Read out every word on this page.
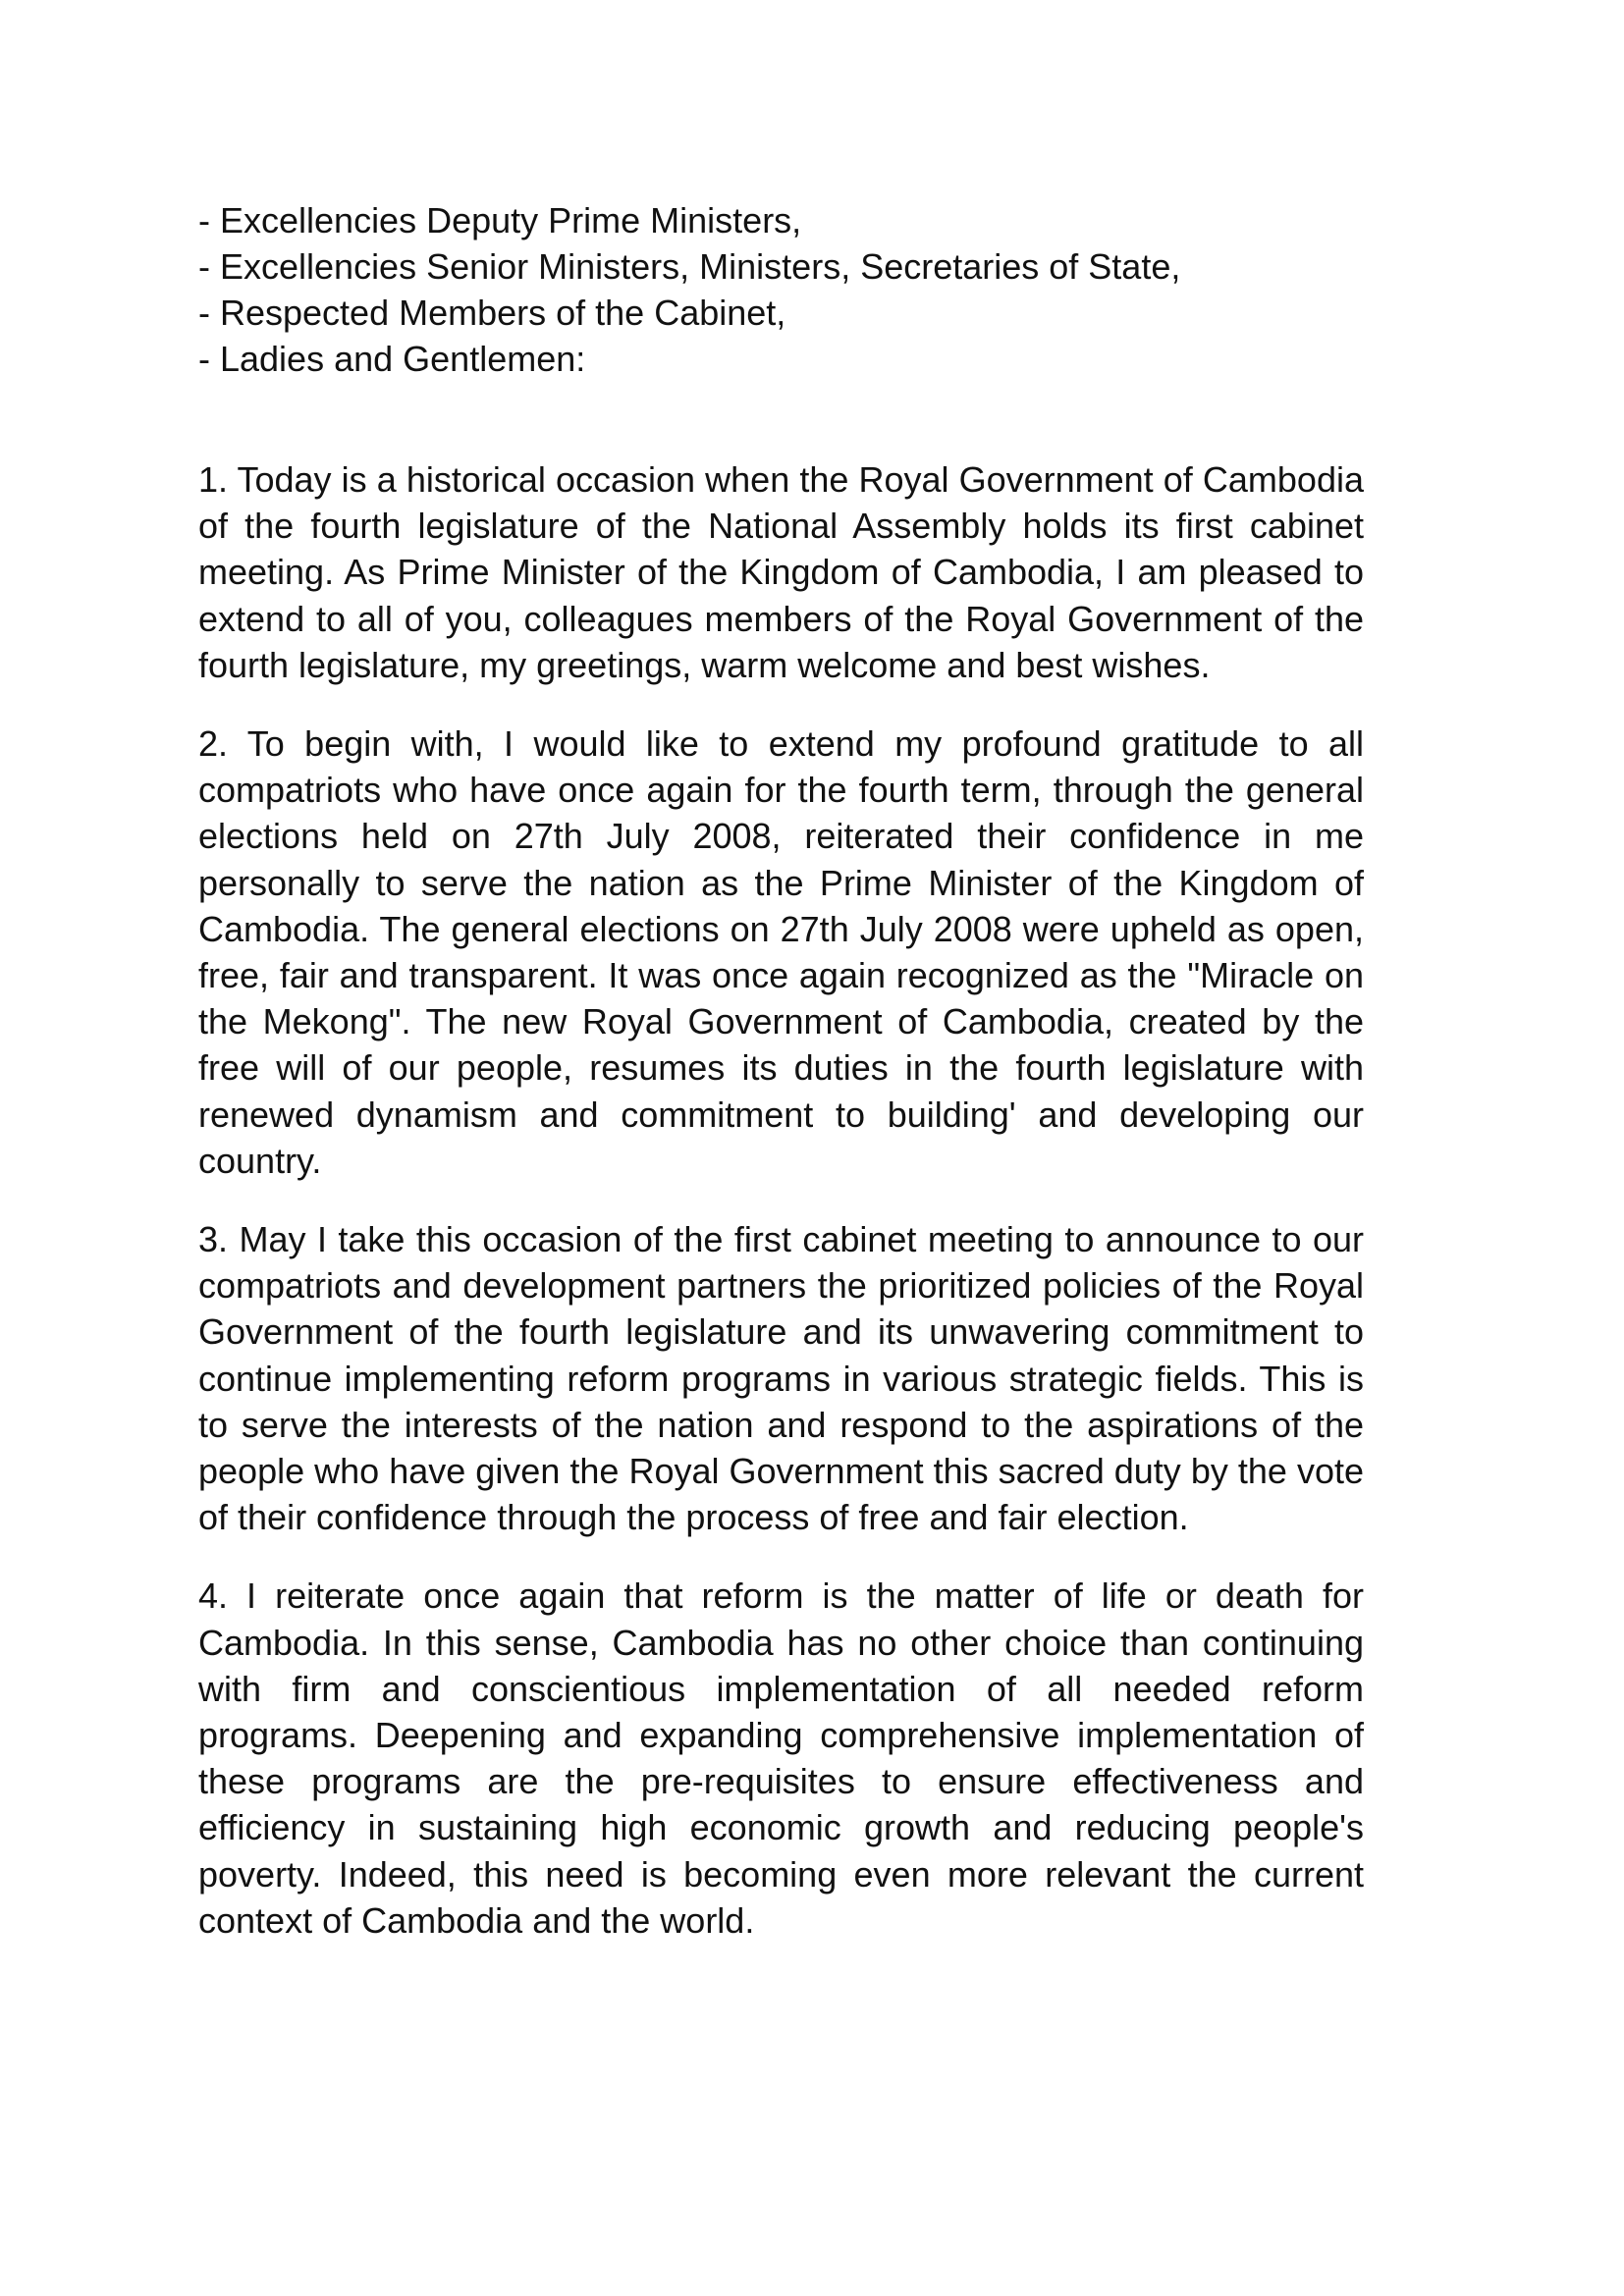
- Excellencies Deputy Prime Ministers,
- Excellencies Senior Ministers, Ministers, Secretaries of State,
- Respected Members of the Cabinet,
- Ladies and Gentlemen:

1. Today is a historical occasion when the Royal Government of Cambodia of the fourth legislature of the National Assembly holds its first cabinet meeting. As Prime Minister of the Kingdom of Cambodia, I am pleased to extend to all of you, colleagues members of the Royal Government of the fourth legislature, my greetings, warm welcome and best wishes.

2. To begin with, I would like to extend my profound gratitude to all compatriots who have once again for the fourth term, through the general elections held on 27th July 2008, reiterated their confidence in me personally to serve the nation as the Prime Minister of the Kingdom of Cambodia. The general elections on 27th July 2008 were upheld as open, free, fair and transparent. It was once again recognized as the "Miracle on the Mekong". The new Royal Government of Cambodia, created by the free will of our people, resumes its duties in the fourth legislature with renewed dynamism and commitment to building' and developing our country.

3. May I take this occasion of the first cabinet meeting to announce to our compatriots and development partners the prioritized policies of the Royal Government of the fourth legislature and its unwavering commitment to continue implementing reform programs in various strategic fields. This is to serve the interests of the nation and respond to the aspirations of the people who have given the Royal Government this sacred duty by the vote of their confidence through the process of free and fair election.

4. I reiterate once again that reform is the matter of life or death for Cambodia. In this sense, Cambodia has no other choice than continuing with firm and conscientious implementation of all needed reform programs. Deepening and expanding comprehensive implementation of these programs are the pre-requisites to ensure effectiveness and efficiency in sustaining high economic growth and reducing people's poverty. Indeed, this need is becoming even more relevant the current context of Cambodia and the world.
